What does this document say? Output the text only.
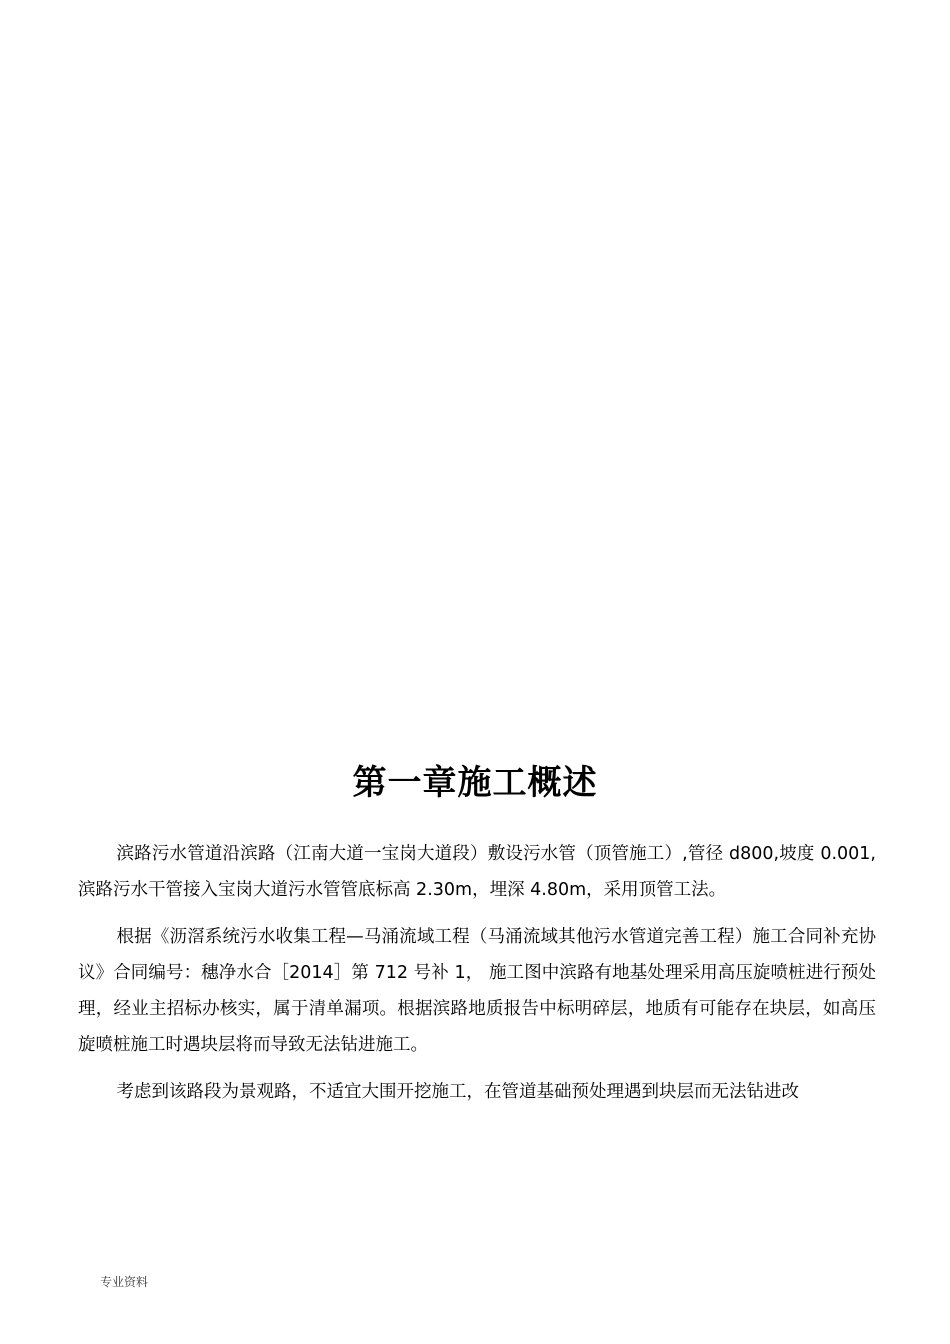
第一章施工概述

滨路污水管道沿滨路（江南大道一宝岗大道段）敷设污水管（顶管施工）,管径 d800,坡度 0.001,滨路污水干管接入宝岗大道污水管管底标高 2.30m，埋深 4.80m，采用顶管工法。

根据《沥滘系统污水收集工程—马涌流域工程（马涌流域其他污水管道完善工程）施工合同补充协议》合同编号：穗净水合［2014］第 712 号补 1， 施工图中滨路有地基处理采用高压旋喷桩进行预处理，经业主招标办核实，属于清单漏项。根据滨路地质报告中标明碎层，地质有可能存在块层，如高压旋喷桩施工时遇块层将而导致无法钻进施工。

考虑到该路段为景观路，不适宜大围开挖施工，在管道基础预处理遇到块层而无法钻进改

专业资料
